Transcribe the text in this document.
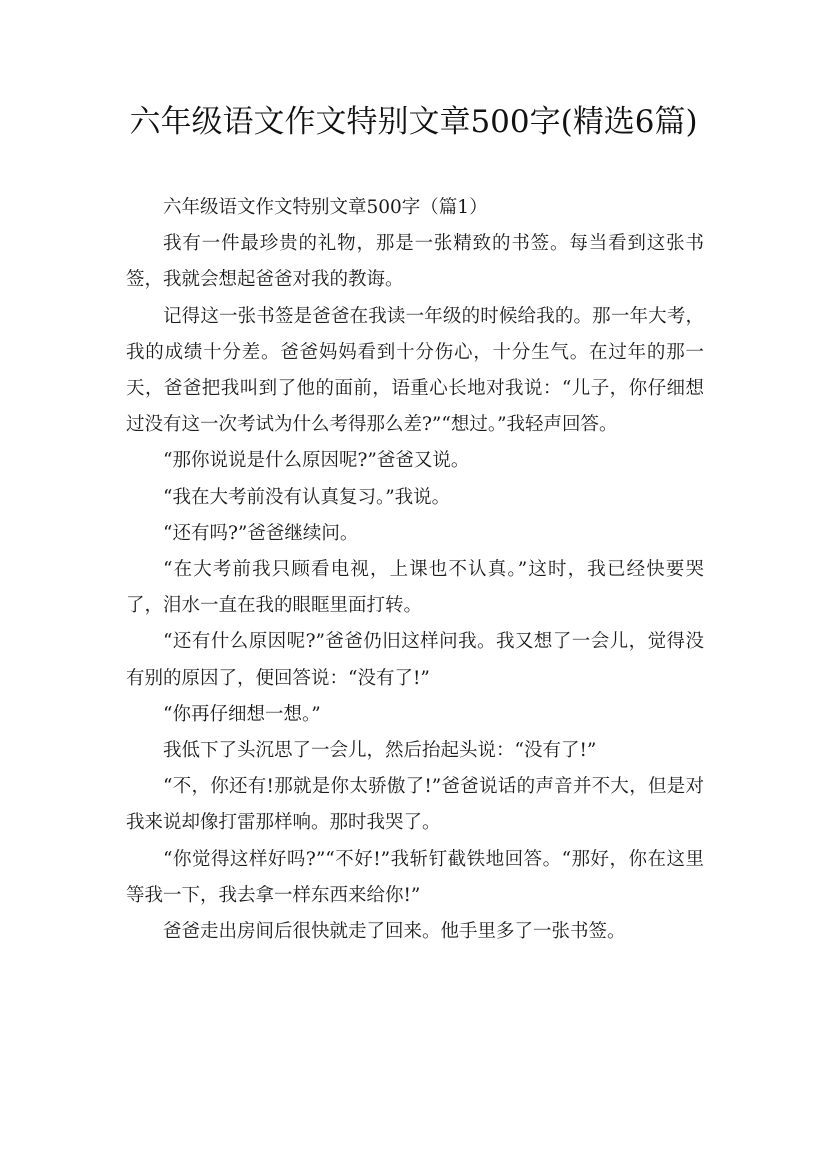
六年级语文作文特别文章500字(精选6篇)

六年级语文作文特别文章500字（篇1）

我有一件最珍贵的礼物，那是一张精致的书签。每当看到这张书签，我就会想起爸爸对我的教诲。

记得这一张书签是爸爸在我读一年级的时候给我的。那一年大考，我的成绩十分差。爸爸妈妈看到十分伤心，十分生气。在过年的那一天，爸爸把我叫到了他的面前，语重心长地对我说：“儿子，你仔细想过没有这一次考试为什么考得那么差?”“想过。”我轻声回答。

“那你说说是什么原因呢?”爸爸又说。

“我在大考前没有认真复习。”我说。

“还有吗?”爸爸继续问。

“在大考前我只顾看电视，上课也不认真。”这时，我已经快要哭了，泪水一直在我的眼眶里面打转。

“还有什么原因呢?”爸爸仍旧这样问我。我又想了一会儿，觉得没有别的原因了，便回答说：“没有了!”

“你再仔细想一想。”

我低下了头沉思了一会儿，然后抬起头说：“没有了!”

“不，你还有!那就是你太骄傲了!”爸爸说话的声音并不大，但是对我来说却像打雷那样响。那时我哭了。

“你觉得这样好吗?”“不好!”我斩钉截铁地回答。“那好，你在这里等我一下，我去拿一样东西来给你!”

爸爸走出房间后很快就走了回来。他手里多了一张书签。
